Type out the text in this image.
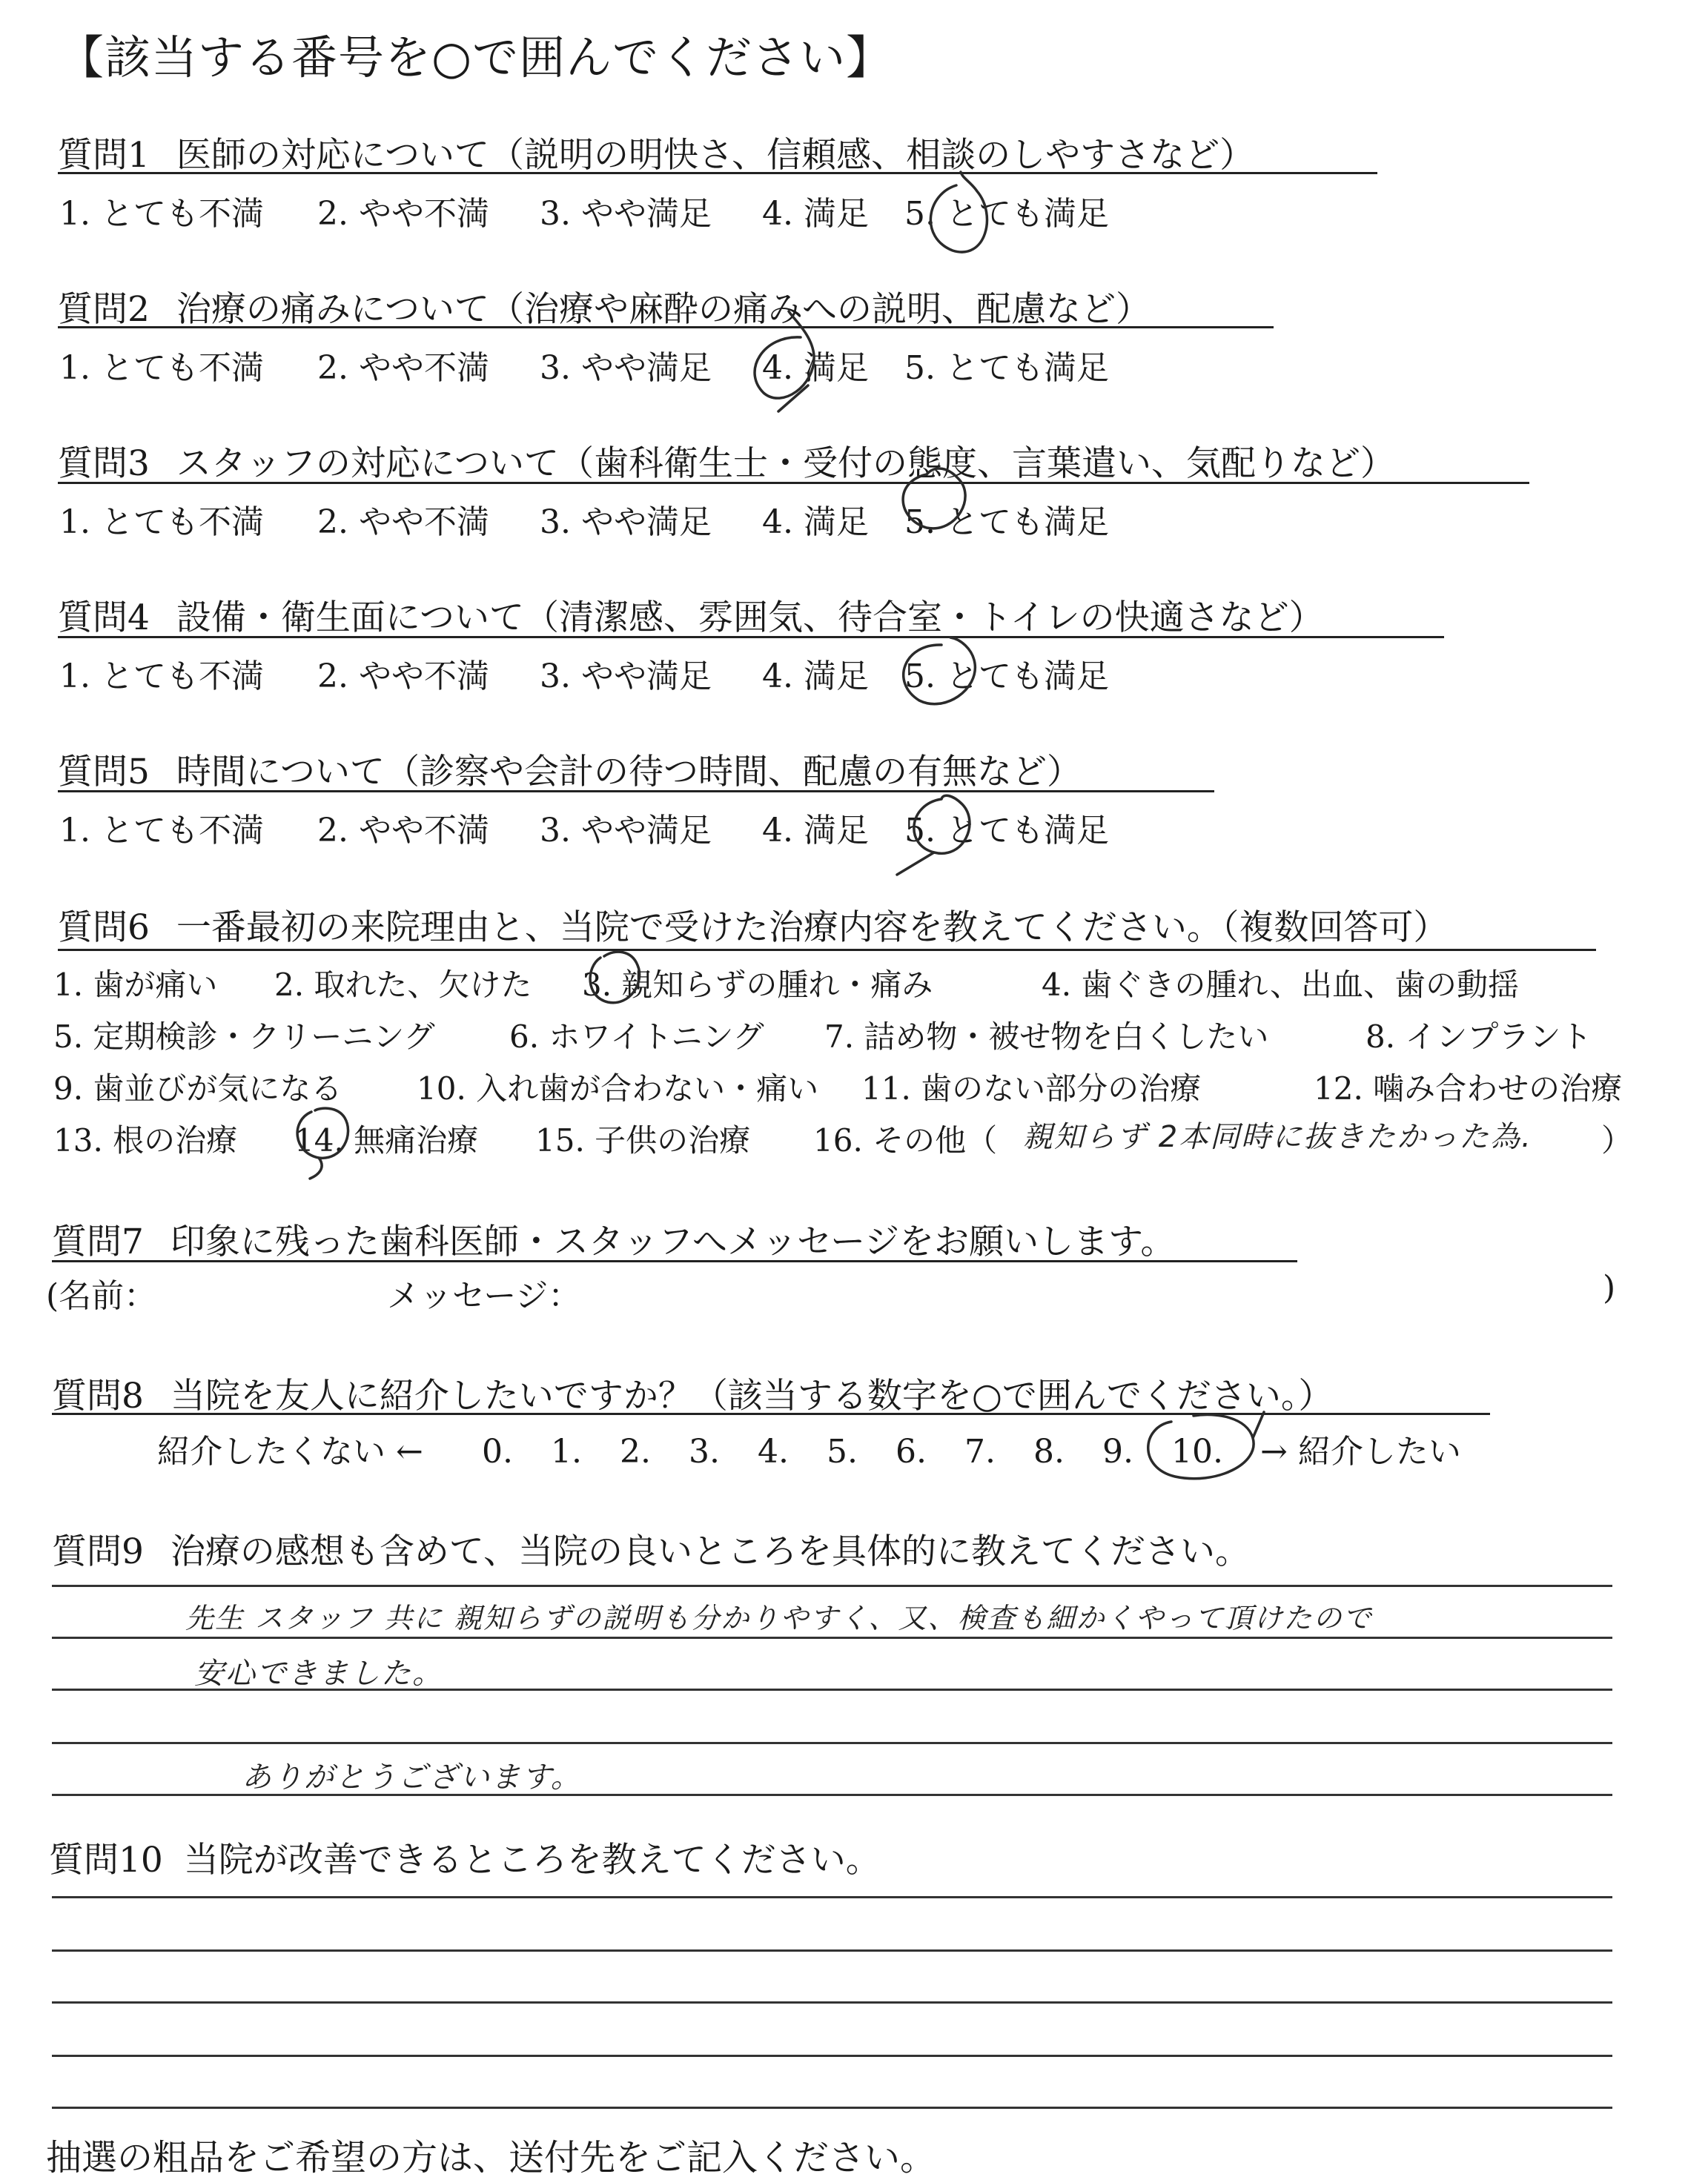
【該当する番号を○で囲んでください】
質問1 医師の対応について（説明の明快さ、信頼感、相談のしやすさなど）
1. とても不満 2. やや不満 3. やや満足 4. 満足 5. とても満足
質問2 治療の痛みについて（治療や麻酔の痛みへの説明、配慮など）
1. とても不満 2. やや不満 3. やや満足 4. 満足 5. とても満足
質問3 スタッフの対応について（歯科衛生士・受付の態度、言葉遣い、気配りなど）
1. とても不満 2. やや不満 3. やや満足 4. 満足 5. とても満足
質問4 設備・衛生面について（清潔感、雰囲気、待合室・トイレの快適さなど）
1. とても不満 2. やや不満 3. やや満足 4. 満足 5. とても満足
質問5 時間について（診察や会計の待つ時間、配慮の有無など）
1. とても不満 2. やや不満 3. やや満足 4. 満足 5. とても満足
質問6 一番最初の来院理由と、当院で受けた治療内容を教えてください。（複数回答可）
1. 歯が痛い 2. 取れた、欠けた 3. 親知らずの腫れ・痛み	4. 歯ぐきの腫れ、出血、歯の動揺
5. 定期検診・クリーニング 6. ホワイトニング 7. 詰め物・被せ物を白くしたい	8. インプラント
9. 歯並びが気になる 10. 入れ歯が合わない・痛い 11. 歯のない部分の治療	12. 噛み合わせの治療
13. 根の治療 14. 無痛治療 15. 子供の治療 16. その他（ 親知らず 2本同時に抜きたかった為. ）
質問7 印象に残った歯科医師・スタッフへメッセージをお願いします。
(名前：	メッセージ：	)
質問8 当院を友人に紹介したいですか？（該当する数字を○で囲んでください。）
紹介したくない ← 0. 1. 2. 3. 4. 5. 6. 7. 8. 9. 10. → 紹介したい
質問9 治療の感想も含めて、当院の良いところを具体的に教えてください。
先生 スタッフ 共に 親知らずの説明も分かりやすく、又、検査も細かくやって頂けたので
安心できました。
ありがとうございます。
質問10 当院が改善できるところを教えてください。
抽選の粗品をご希望の方は、送付先をご記入ください。
